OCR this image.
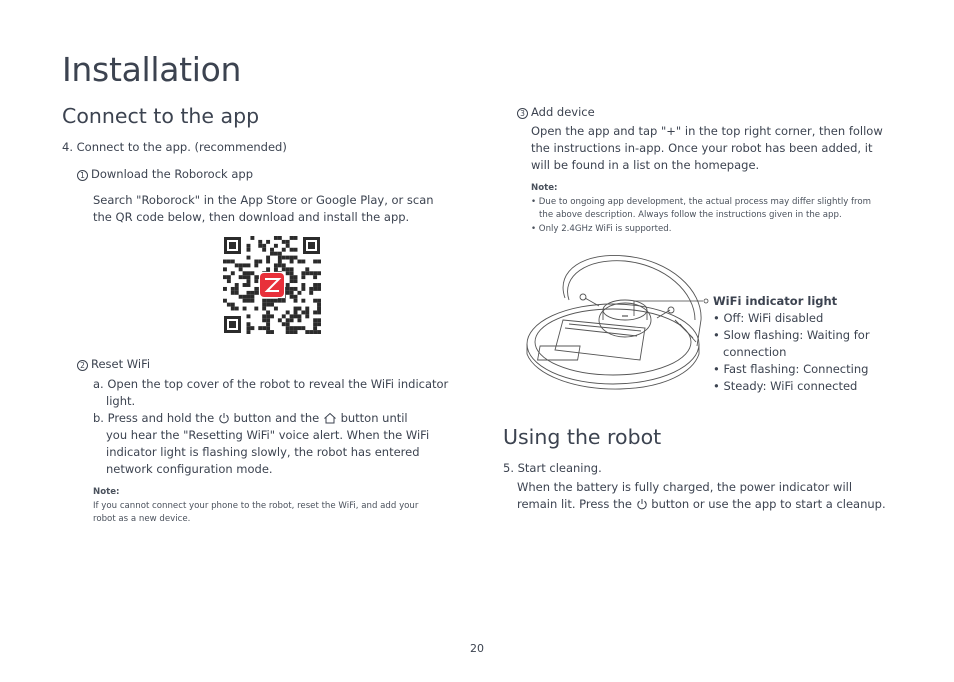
Installation
Connect to the app
4. Connect to the app. (recommended)
1 Download the Roborock app
Search "Roborock" in the App Store or Google Play, or scan
the QR code below, then download and install the app.
2 Reset WiFi
a. Open the top cover of the robot to reveal the WiFi indicator
light.
b. Press and hold the button and the button until
you hear the "Resetting WiFi" voice alert. When the WiFi
indicator light is flashing slowly, the robot has entered
network configuration mode.
Note:
If you cannot connect your phone to the robot, reset the WiFi, and add your
robot as a new device.
3 Add device
Open the app and tap "+" in the top right corner, then follow
the instructions in-app. Once your robot has been added, it
will be found in a list on the homepage.
Note:
• Due to ongoing app development, the actual process may differ slightly from
the above description. Always follow the instructions given in the app.
• Only 2.4GHz WiFi is supported.
WiFi indicator light
• Off: WiFi disabled
• Slow flashing: Waiting for
connection
• Fast flashing: Connecting
• Steady: WiFi connected
Using the robot
5. Start cleaning.
When the battery is fully charged, the power indicator will
remain lit. Press the button or use the app to start a cleanup.
20
